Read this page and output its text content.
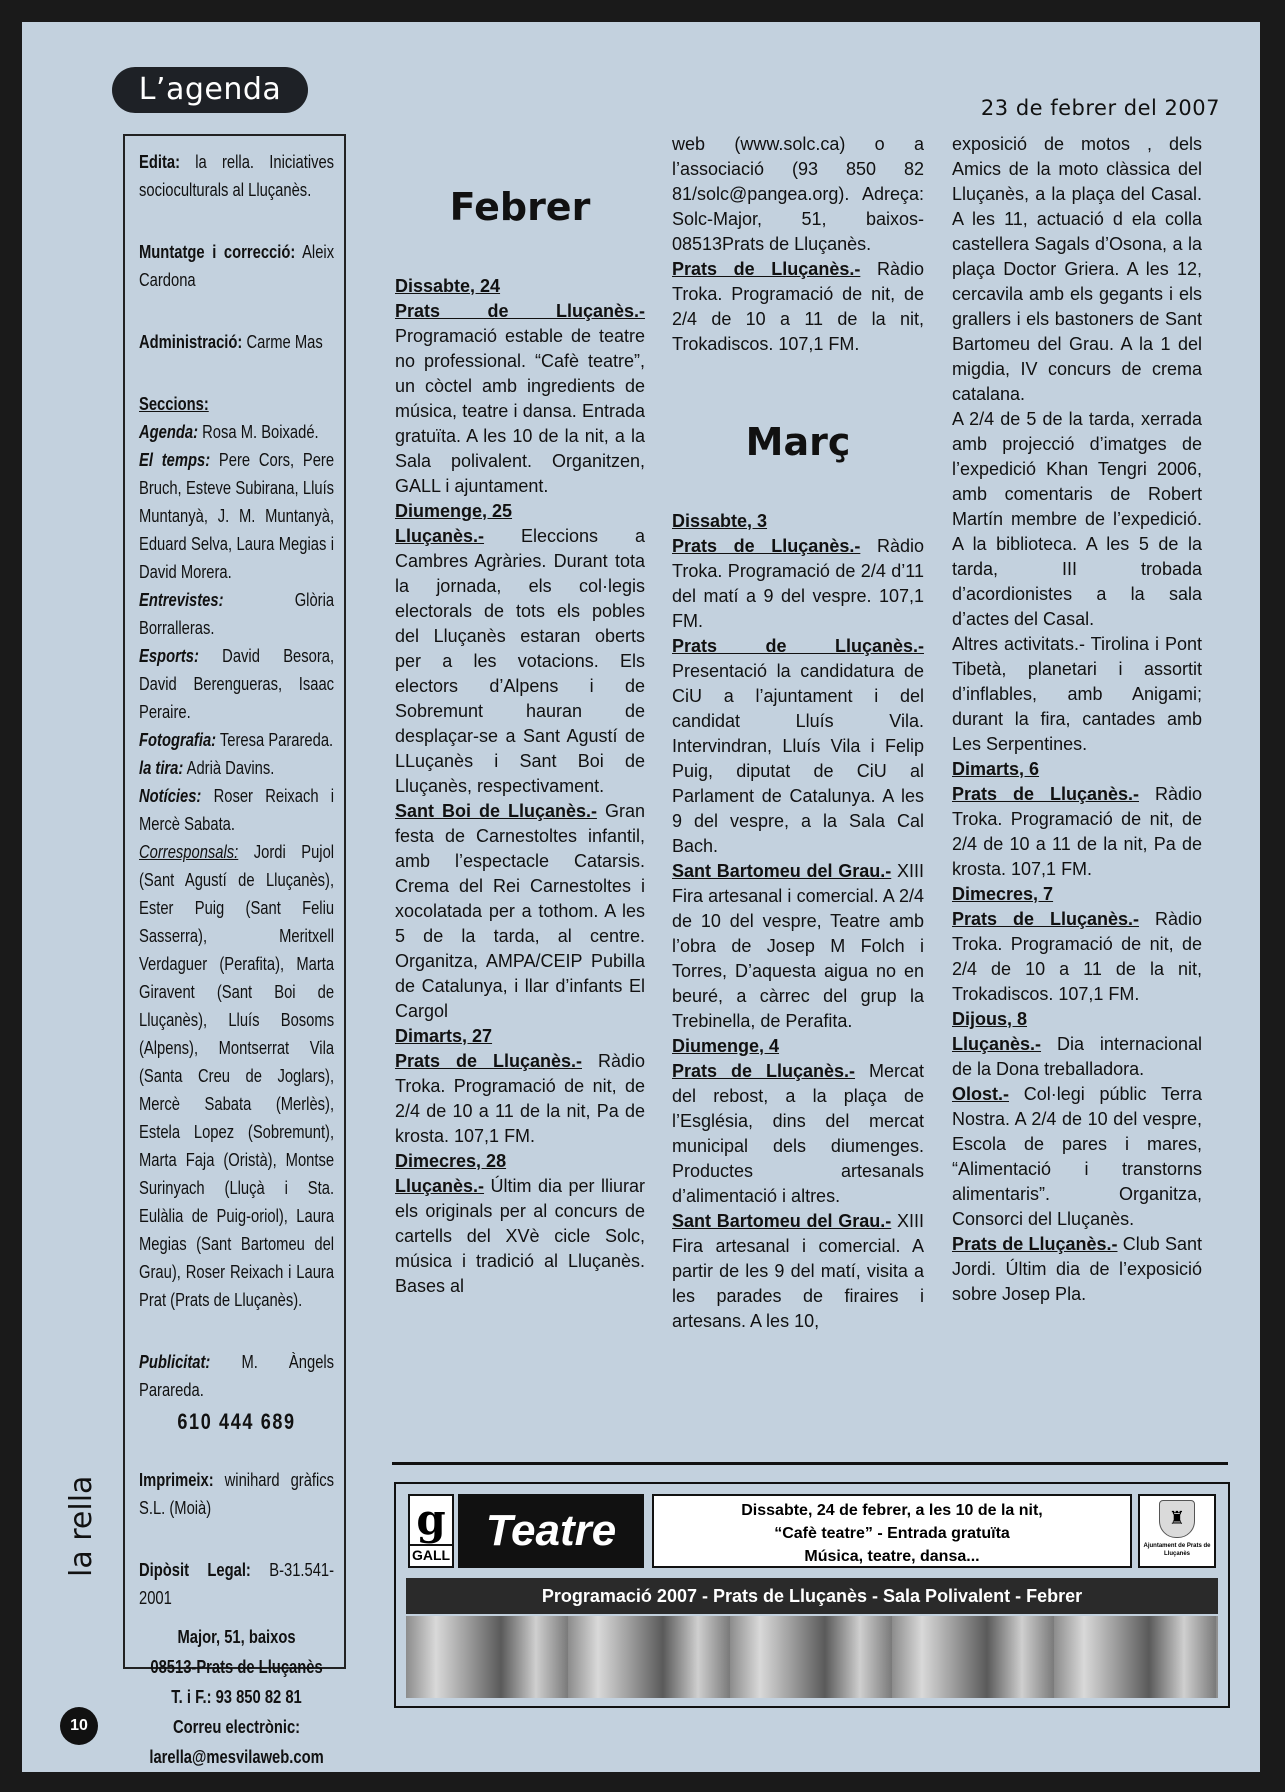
L’agenda
23 de febrer del 2007

Edita: la rella. Iniciatives socioculturals al Lluçanès.

Muntatge i correcció: Aleix Cardona

Administració: Carme Mas

Seccions:

Agenda: Rosa M. Boixadé.

El temps: Pere Cors, Pere Bruch, Esteve Subirana, Lluís Muntanyà, J. M. Muntanyà, Eduard Selva, Laura Megias i David Morera.

Entrevistes:	Glòria Borralleras.

Esports: David Besora, David Berengueras, Isaac Peraire.

Fotografia: Teresa Parareda.

la tira: Adrià Davins.

Notícies: Roser Reixach i Mercè Sabata.

Corresponsals: Jordi Pujol (Sant Agustí de Lluçanès), Ester Puig (Sant Feliu Sasserra), Meritxell Verdaguer (Perafita), Marta Giravent (Sant Boi de Lluçanès), Lluís Bosoms (Alpens), Montserrat Vila (Santa Creu de Joglars), Mercè Sabata (Merlès), Estela Lopez (Sobremunt), Marta Faja (Oristà), Montse Surinyach (Lluçà i Sta. Eulàlia de Puig-oriol), Laura Megias (Sant Bartomeu del Grau), Roser Reixach i Laura Prat (Prats de Lluçanès).

Publicitat: M. Àngels Parareda.

610 444 689

Imprimeix: winihard gràfics S.L. (Moià)

Dipòsit Legal: B-31.541-2001

Major, 51, baixos
08513-Prats de Lluçanès
T. i F.: 93 850 82 81
Correu electrònic:
larella@mesvilaweb.com
la rella
10

Febrer

Dissabte, 24

Prats de Lluçanès.- Programació estable de teatre no professional. “Cafè teatre”, un còctel amb ingredients de música, teatre i dansa. Entrada gratuïta. A les 10 de la nit, a la Sala polivalent. Organitzen, GALL i ajuntament.

Diumenge, 25

Lluçanès.- Eleccions a Cambres Agràries. Durant tota la jornada, els col·legis electorals de tots els pobles del Lluçanès estaran oberts per a les votacions. Els electors d’Alpens i de Sobremunt hauran de desplaçar-se a Sant Agustí de LLuçanès i Sant Boi de Lluçanès, respectivament.

Sant Boi de Lluçanès.- Gran festa de Carnestoltes infantil, amb l’espectacle Catarsis. Crema del Rei Carnestoltes i xocolatada per a tothom. A les 5 de la tarda, al centre. Organitza, AMPA/CEIP Pubilla de Catalunya, i llar d’infants El Cargol

Dimarts, 27

Prats de Lluçanès.- Ràdio Troka. Programació de nit, de 2/4 de 10 a 11 de la nit, Pa de krosta. 107,1 FM.

Dimecres, 28

Lluçanès.- Últim dia per lliurar els originals per al concurs de cartells del XVè cicle Solc, música i tradició al Lluçanès. Bases al

web (www.solc.ca) o a l’associació (93 850 82 81/solc@pangea.org). Adreça: Solc-Major, 51, baixos-08513Prats de Lluçanès.

Prats de Lluçanès.- Ràdio Troka. Programació de nit, de 2/4 de 10 a 11 de la nit, Trokadiscos. 107,1 FM.

Març

Dissabte, 3

Prats de Lluçanès.- Ràdio Troka. Programació de 2/4 d’11 del matí a 9 del vespre. 107,1 FM.

Prats de Lluçanès.- Presentació la candidatura de CiU a l’ajuntament i del candidat Lluís Vila. Intervindran, Lluís Vila i Felip Puig, diputat de CiU al Parlament de Catalunya. A les 9 del vespre, a la Sala Cal Bach.

Sant Bartomeu del Grau.- XIII Fira artesanal i comercial. A 2/4 de 10 del vespre, Teatre amb l’obra de Josep M Folch i Torres, D’aquesta aigua no en beuré, a càrrec del grup la Trebinella, de Perafita.

Diumenge, 4

Prats de Lluçanès.- Mercat del rebost, a la plaça de l’Església, dins del mercat municipal dels diumenges. Productes artesanals d’alimentació i altres.

Sant Bartomeu del Grau.- XIII Fira artesanal i comercial. A partir de les 9 del matí, visita a les parades de firaires i artesans. A les 10,

exposició de motos , dels Amics de la moto clàssica del Lluçanès, a la plaça del Casal. A les 11, actuació d ela colla castellera Sagals d’Osona, a la plaça Doctor Griera. A les 12, cercavila amb els gegants i els grallers i els bastoners de Sant Bartomeu del Grau. A la 1 del migdia, IV concurs de crema catalana.

A 2/4 de 5 de la tarda, xerrada amb projecció d’imatges de l’expedició Khan Tengri 2006, amb comentaris de Robert Martín membre de l’expedició. A la biblioteca. A les 5 de la tarda, III trobada d’acordionistes a la sala d’actes del Casal.

Altres activitats.- Tirolina i Pont Tibetà, planetari i assortit d’inflables, amb Anigami; durant la fira, cantades amb Les Serpentines.

Dimarts, 6

Prats de Lluçanès.- Ràdio Troka. Programació de nit, de 2/4 de 10 a 11 de la nit, Pa de krosta. 107,1 FM.

Dimecres, 7

Prats de Lluçanès.- Ràdio Troka. Programació de nit, de 2/4 de 10 a 11 de la nit, Trokadiscos. 107,1 FM.

Dijous, 8

Lluçanès.- Dia internacional de la Dona treballadora.

Olost.- Col·legi públic Terra Nostra. A 2/4 de 10 del vespre, Escola de pares i mares, “Alimentació i transtorns alimentaris”. Organitza, Consorci del Lluçanès.

Prats de Lluçanès.- Club Sant Jordi. Últim dia de l’exposició sobre Josep Pla.

g
GALL Teatre	Dissabte, 24 de febrer, a les 10 de la nit,
“Cafè teatre” - Entrada gratuïta
Música, teatre, dansa...
♜
Ajuntament de Prats de Lluçanès
Programació 2007 - Prats de Lluçanès - Sala Polivalent - Febrer
